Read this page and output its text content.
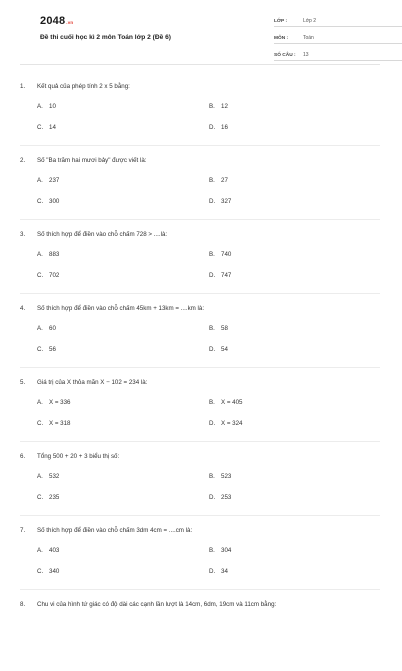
2048.vn
Đề thi cuối học kì 2 môn Toán lớp 2 (Đề 6)
LỚP :	Lớp 2
MÔN :	Toán
SỐ CÂU :	13
1.	Kết quả của phép tính 2 x 5 bằng:
A. 10	B. 12
C. 14	D. 16
2.	Số "Ba trăm hai mươi bảy" được viết là:
A. 237	B. 27
C. 300	D. 327
3.	Số thích hợp để điền vào chỗ chấm 728 > ....là:
A. 883	B. 740
C. 702	D. 747
4.	Số thích hợp để điền vào chỗ chấm 45km + 13km = ....km là:
A. 60	B. 58
C. 56	D. 54
5.	Giá trị của X thỏa mãn X − 102 = 234 là:
A. X = 336	B. X = 405
C. X = 318	D. X = 324
6.	Tổng 500 + 20 + 3 biểu thị số:
A. 532	B. 523
C. 235	D. 253
7.	Số thích hợp để điền vào chỗ chấm 3dm 4cm = ....cm là:
A. 403	B. 304
C. 340	D. 34
8.	Chu vi của hình tứ giác có độ dài các cạnh lần lượt là 14cm, 6dm, 19cm và 11cm bằng:
